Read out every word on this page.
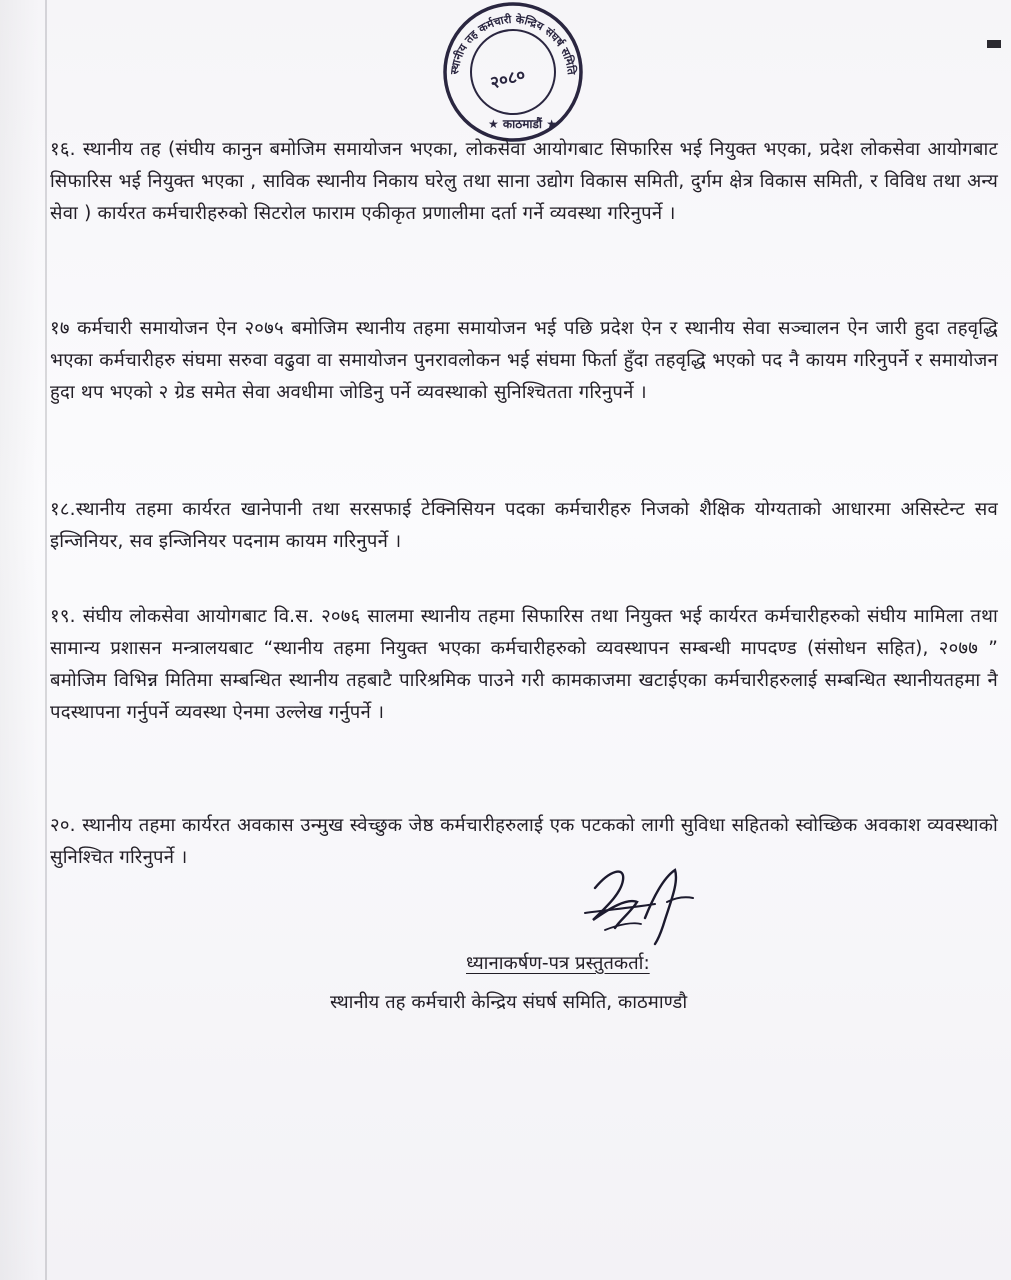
स्थानीय तह कर्मचारी केन्द्रिय संघर्ष समिति
★ काठमाडौं ★
२०८०
१६. स्थानीय तह (संघीय कानुन बमोजिम समायोजन भएका, लोकसेवा आयोगबाट सिफारिस भई नियुक्त भएका, प्रदेश लोकसेवा आयोगबाट सिफारिस भई नियुक्त भएका , साविक स्थानीय निकाय घरेलु तथा साना उद्योग विकास समिती, दुर्गम क्षेत्र विकास समिती, र विविध तथा अन्य सेवा ) कार्यरत कर्मचारीहरुको सिटरोल फाराम एकीकृत प्रणालीमा दर्ता गर्ने व्यवस्था गरिनुपर्ने ।
१७ कर्मचारी समायोजन ऐन २०७५ बमोजिम स्थानीय तहमा समायोजन भई पछि प्रदेश ऐन र स्थानीय सेवा सञ्चालन ऐन जारी हुदा तहवृद्धि भएका कर्मचारीहरु संघमा सरुवा वढुवा वा समायोजन पुनरावलोकन भई संघमा फिर्ता हुँदा तहवृद्धि भएको पद नै कायम गरिनुपर्ने र समायोजन हुदा थप भएको २ ग्रेड समेत सेवा अवधीमा जोडिनु पर्ने व्यवस्थाको सुनिश्चितता गरिनुपर्ने ।
१८.स्थानीय तहमा कार्यरत खानेपानी तथा सरसफाई टेक्निसियन पदका कर्मचारीहरु निजको शैक्षिक योग्यताको आधारमा असिस्टेन्ट सव इन्जिनियर, सव इन्जिनियर पदनाम कायम गरिनुपर्ने ।
१९. संघीय लोकसेवा आयोगबाट वि.स. २०७६ सालमा स्थानीय तहमा सिफारिस तथा नियुक्त भई कार्यरत कर्मचारीहरुको संघीय मामिला तथा सामान्य प्रशासन मन्त्रालयबाट “स्थानीय तहमा नियुक्त भएका कर्मचारीहरुको व्यवस्थापन सम्बन्धी मापदण्ड (संसोधन सहित), २०७७ ” बमोजिम विभिन्न मितिमा सम्बन्धित स्थानीय तहबाटै पारिश्रमिक पाउने गरी कामकाजमा खटाईएका कर्मचारीहरुलाई सम्बन्धित स्थानीयतहमा नै पदस्थापना गर्नुपर्ने व्यवस्था ऐनमा उल्लेख गर्नुपर्ने ।
२०. स्थानीय तहमा कार्यरत अवकास उन्मुख स्वेच्छुक जेष्ठ कर्मचारीहरुलाई एक पटकको लागी सुविधा सहितको स्वोच्छिक अवकाश व्यवस्थाको सुनिश्चित गरिनुपर्ने ।
ध्यानाकर्षण-पत्र प्रस्तुतकर्ता:
स्थानीय तह कर्मचारी केन्द्रिय संघर्ष समिति, काठमाण्डौ
